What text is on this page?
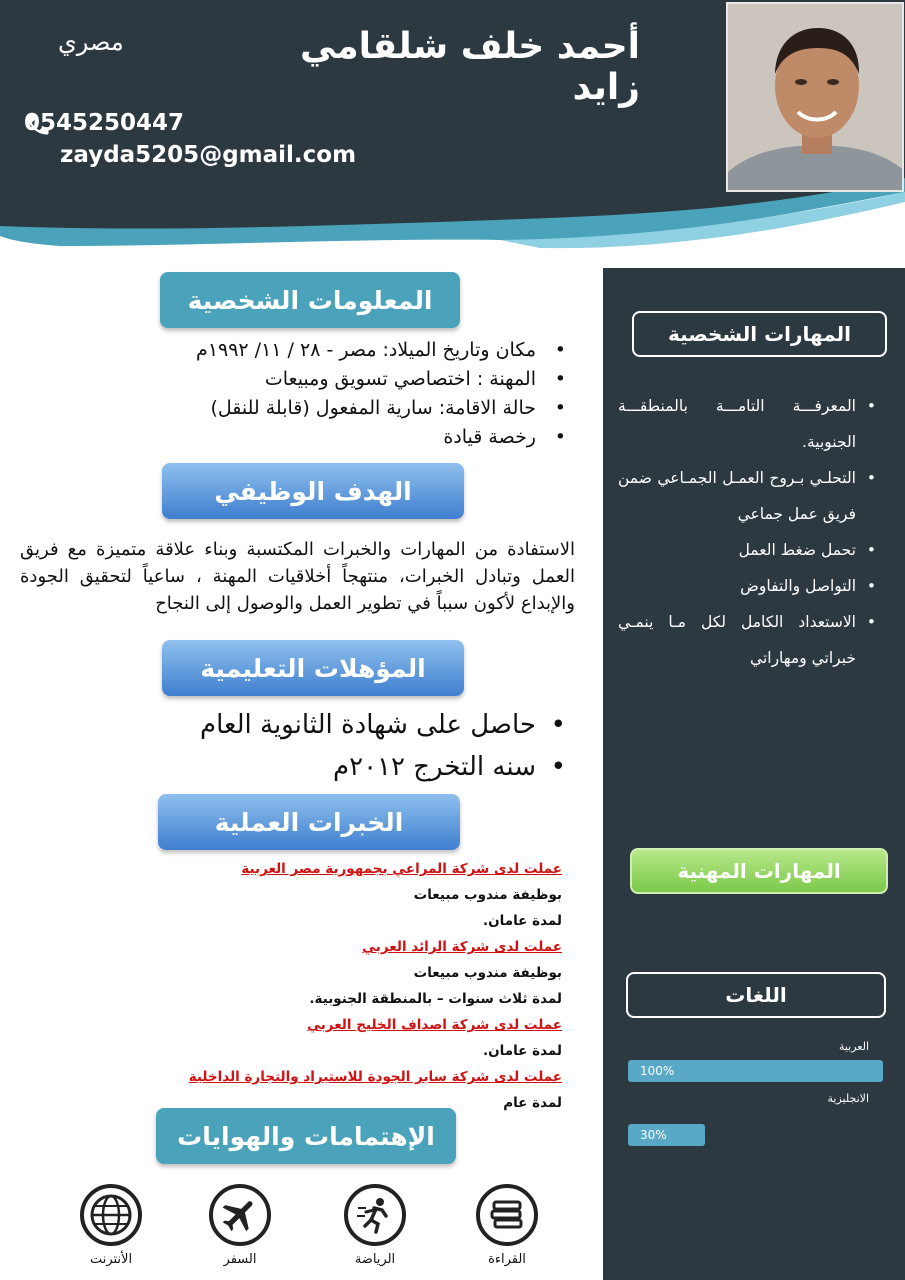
مصري	أحمد خلف شلقامي زايد
0545250447
zayda5205@gmail.com
المهارات الشخصية
• المعرفـــة التامـــة بالمنطقـــة الجنوبية.
• التحلـي بـروح العمـل الجمـاعي ضمن فريق عمل جماعي
• تحمل ضغط العمل
• التواصل والتفاوض
• الاستعداد الكامل لكل مـا ينمـي خبراتي ومهاراتي
المهارات المهنية
اللغات
العربية
100%
الانجليزية
30%
المعلومات الشخصية
• مكان وتاريخ الميلاد: مصر - ٢٨ / ١١/ ١٩٩٢م
• المهنة : اختصاصي تسويق ومبيعات
• حالة الاقامة: سارية المفعول (قابلة للنقل)
• رخصة قيادة
الهدف الوظيفي

الاستفادة من المهارات والخبرات المكتسبة وبناء علاقة متميزة مع فريق العمل وتبادل الخبرات، منتهجاً أخلاقيات المهنة ، ساعياً لتحقيق الجودة والإبداع لأكون سبباً في تطوير العمل والوصول إلى النجاح

المؤهلات التعليمية
• حاصل على شهادة الثانوية العام
• سنه التخرج ٢٠١٢م
الخبرات العملية
عملت لدى شركة المراعي بجمهورية مصر العربية
بوظيفة مندوب مبيعات
لمدة عامان.
عملت لدى شركة الرائد العربي
بوظيفة مندوب مبيعات
لمدة ثلاث سنوات – بالمنطقة الجنوبية.
عملت لدى شركة اصداف الخليج العربي
لمدة عامان.
عملت لدى شركة سابر الجودة للاستيراد والتجارة الداخلية
لمدة عام
الإهتمامات والهوايات
الأنترنت	السفر	الرياضة	القراءة
